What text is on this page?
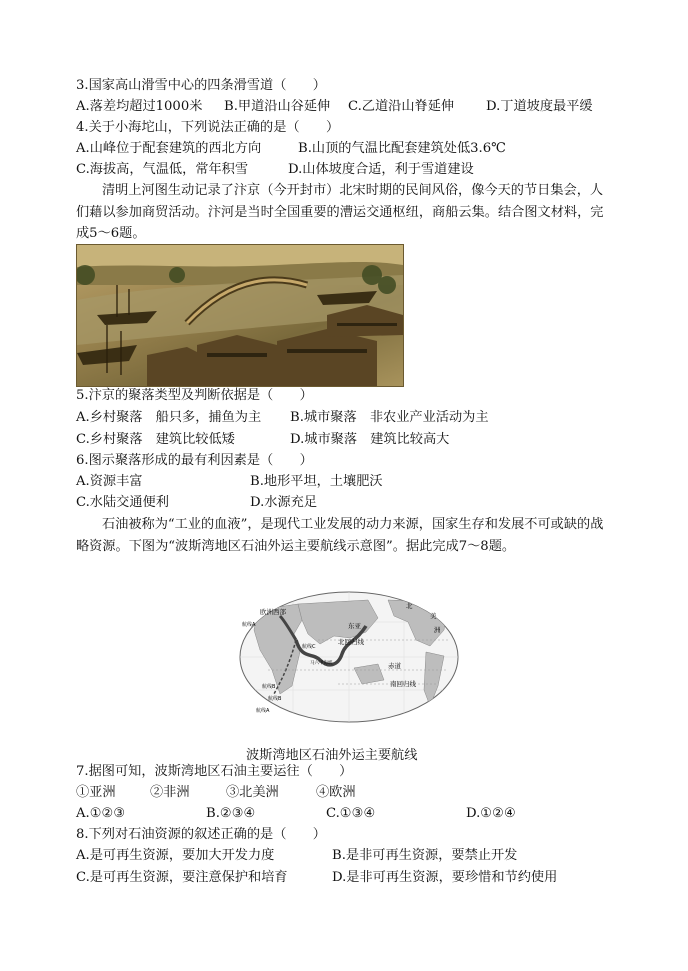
3.国家高山滑雪中心的四条滑雪道（　　）
A.落差均超过1000米 B.甲道沿山谷延伸 C.乙道沿山脊延伸 D.丁道坡度最平缓
4.关于小海坨山，下列说法正确的是（　　）
A.山峰位于配套建筑的西北方向	B.山顶的气温比配套建筑处低3.6℃
C.海拔高，气温低，常年积雪	D.山体坡度合适，利于雪道建设
清明上河图生动记录了汴京（今开封市）北宋时期的民间风俗，像今天的节日集会，人们藉以参加商贸活动。汴河是当时全国重要的漕运交通枢纽，商船云集。结合图文材料，完成5～6题。
5.汴京的聚落类型及判断依据是（　　）
A.乡村聚落　船只多，捕鱼为主 B.城市聚落　非农业产业活动为主
C.乡村聚落　建筑比较低矮	D.城市聚落　建筑比较高大
6.图示聚落形成的最有利因素是（　　）
A.资源丰富	B.地形平坦，土壤肥沃
C.水陆交通便利	D.水源充足
石油被称为“工业的血液”，是现代工业发展的动力来源，国家生存和发展不可或缺的战略资源。下图为“波斯湾地区石油外运主要航线示意图”。据此完成7～8题。
欧洲西部
航线A	东亚
航线C
马六甲海峡
北回归线
赤道
南回归线
航线B
航线B
航线A
北
美
洲
波斯湾地区石油外运主要航线
7.据图可知，波斯湾地区石油主要运往（　　）
①亚洲	②非洲	③北美洲	④欧洲
A.①②③	B.②③④	C.①③④	D.①②④
8.下列对石油资源的叙述正确的是（　　）
A.是可再生资源，要加大开发力度	B.是非可再生资源，要禁止开发
C.是可再生资源，要注意保护和培育	D.是非可再生资源，要珍惜和节约使用
